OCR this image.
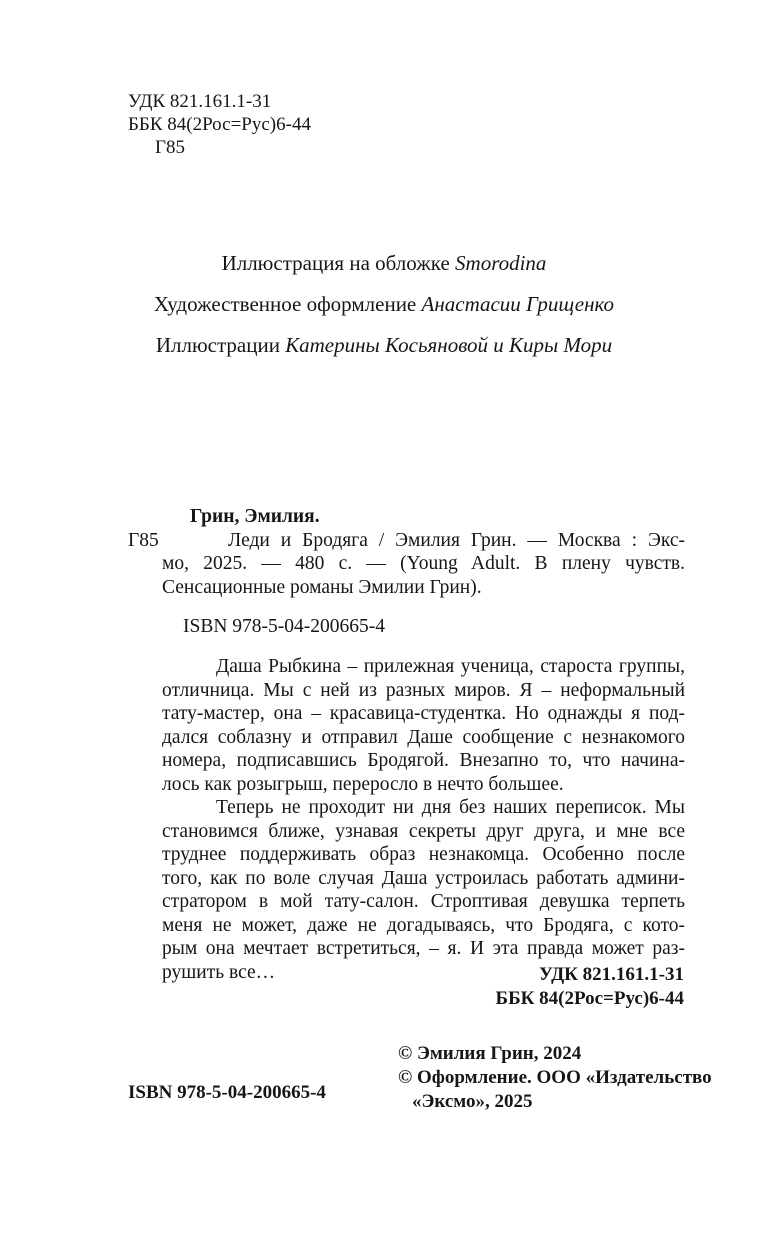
УДК 821.161.1-31
ББК 84(2Рос=Рус)6-44
Г85
Иллюстрация на обложке Smorodina
Художественное оформление Анастасии Грищенко
Иллюстрации Катерины Косьяновой и Киры Мори
Грин, Эмилия.
Г85	Леди и Бродяга / Эмилия Грин. — Москва : Экс-
мо, 2025. — 480 с. — (Young Adult. В плену чувств.
Сенсационные романы Эмилии Грин).
ISBN 978-5-04-200665-4
Даша Рыбкина – прилежная ученица, староста группы,
отличница. Мы с ней из разных миров. Я – неформальный
тату-мастер, она – красавица-студентка. Но однажды я под-
дался соблазну и отправил Даше сообщение с незнакомого
номера, подписавшись Бродягой. Внезапно то, что начина-
лось как розыгрыш, переросло в нечто большее.
Теперь не проходит ни дня без наших переписок. Мы
становимся ближе, узнавая секреты друг друга, и мне все
труднее поддерживать образ незнакомца. Особенно после
того, как по воле случая Даша устроилась работать админи-
стратором в мой тату-салон. Строптивая девушка терпеть
меня не может, даже не догадываясь, что Бродяга, с кото-
рым она мечтает встретиться, – я. И эта правда может раз-
рушить все…	УДК 821.161.1-31
ББК 84(2Рос=Рус)6-44
ISBN 978-5-04-200665-4
© Эмилия Грин, 2024
© Оформление. ООО «Издательство
«Эксмо», 2025
